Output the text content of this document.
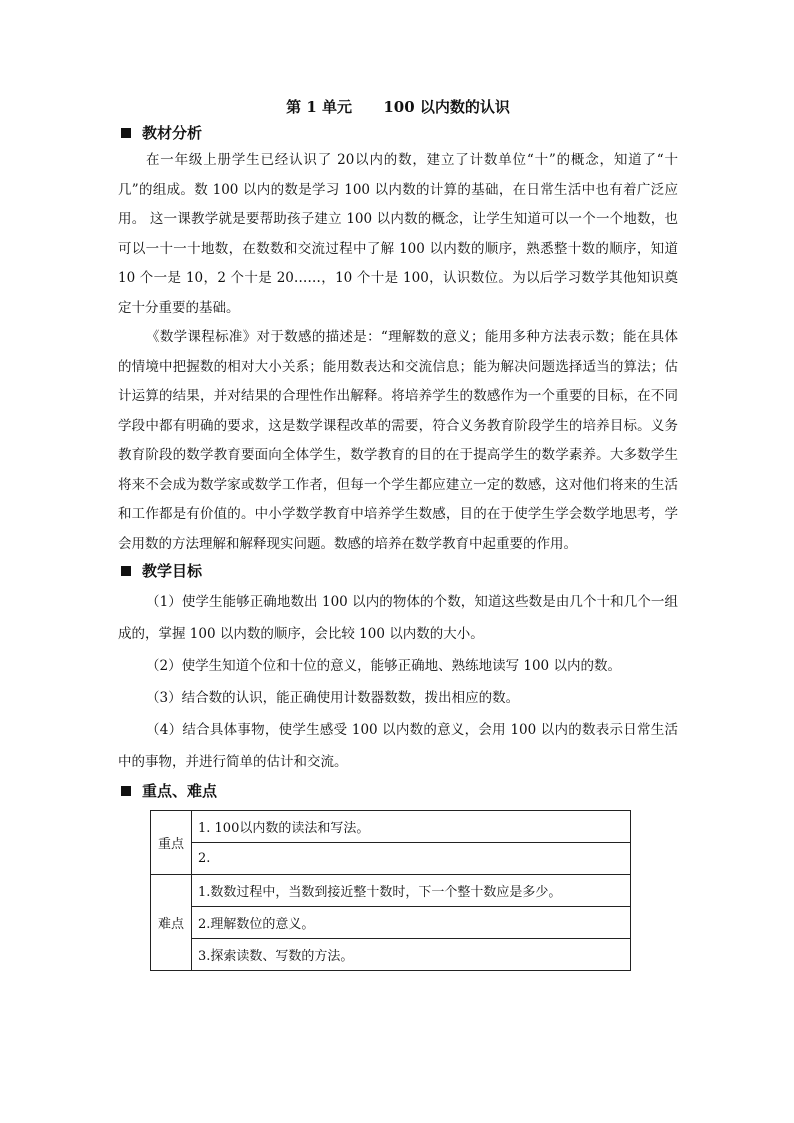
第 1 单元      100 以内数的认识
教材分析

在一年级上册学生已经认识了 20以内的数，建立了计数单位“十”的概念，知道了“十几”的组成。数 100 以内的数是学习 100 以内数的计算的基础，在日常生活中也有着广泛应用。 这一课教学就是要帮助孩子建立 100 以内数的概念，让学生知道可以一个一个地数，也可以一十一十地数，在数数和交流过程中了解 100 以内数的顺序，熟悉整十数的顺序，知道 10 个一是 10，2 个十是 20……，10 个十是 100，认识数位。为以后学习数学其他知识奠定十分重要的基础。

《数学课程标准》对于数感的描述是：“理解数的意义；能用多种方法表示数；能在具体的情境中把握数的相对大小关系；能用数表达和交流信息；能为解决问题选择适当的算法；估计运算的结果，并对结果的合理性作出解释。将培养学生的数感作为一个重要的目标，在不同学段中都有明确的要求，这是数学课程改革的需要，符合义务教育阶段学生的培养目标。义务教育阶段的数学教育要面向全体学生，数学教育的目的在于提高学生的数学素养。大多数学生将来不会成为数学家或数学工作者，但每一个学生都应建立一定的数感，这对他们将来的生活和工作都是有价值的。中小学数学教育中培养学生数感，目的在于使学生学会数学地思考，学会用数的方法理解和解释现实问题。数感的培养在数学教育中起重要的作用。

教学目标

（1）使学生能够正确地数出 100 以内的物体的个数，知道这些数是由几个十和几个一组成的，掌握 100 以内数的顺序，会比较 100 以内数的大小。

（2）使学生知道个位和十位的意义，能够正确地、熟练地读写 100 以内的数。

（3）结合数的认识，能正确使用计数器数数，拨出相应的数。

（4）结合具体事物，使学生感受 100 以内数的意义，会用 100 以内的数表示日常生活中的事物，并进行简单的估计和交流。

重点、难点
重点	1. 100以内数的读法和写法。
	2.
难点	1.数数过程中，当数到接近整十数时，下一个整十数应是多少。
	2.理解数位的意义。
	3.探索读数、写数的方法。
